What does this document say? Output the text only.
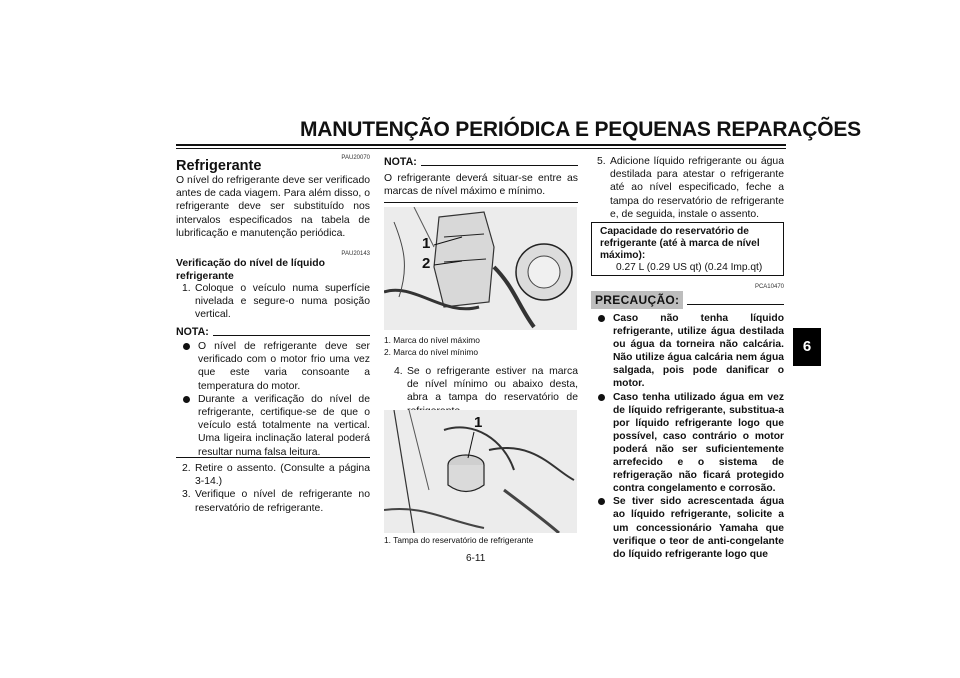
MANUTENÇÃO PERIÓDICA E PEQUENAS REPARAÇÕES
6
PAU20070
Refrigerante
O nível do refrigerante deve ser verificado antes de cada viagem. Para além disso, o refrigerante deve ser substituído nos intervalos especificados na tabela de lubrificação e manutenção periódica.
PAU20143
Verificação do nível de líquido refrigerante
1. Coloque o veículo numa superfície nivelada e segure-o numa posição vertical.
NOTA:
O nível de refrigerante deve ser verificado com o motor frio uma vez que este varia consoante a temperatura do motor.
Durante a verificação do nível de refrigerante, certifique-se de que o veículo está totalmente na vertical. Uma ligeira inclinação lateral poderá resultar numa falsa leitura.
2. Retire o assento. (Consulte a página 3-14.)
3. Verifique o nível de refrigerante no reservatório de refrigerante.
NOTA:
O refrigerante deverá situar-se entre as marcas de nível máximo e mínimo.
1
2
1. Marca do nível máximo
2. Marca do nível mínimo
4. Se o refrigerante estiver na marca de nível mínimo ou abaixo desta, abra a tampa do reservatório de
1
1. Tampa do reservatório de refrigerante
5. Adicione líquido refrigerante ou água destilada para atestar o refrigerante até ao nível especificado, feche a tampa do reservatório de refrigerante e, de seguida, instale o assento.
Capacidade do reservatório de refrigerante (até à marca de nível máximo):
0.27 L (0.29 US qt) (0.24 Imp.qt)
PCA10470
PRECAUÇÃO:
Caso não tenha líquido refrigerante, utilize água destilada ou água da torneira não calcária. Não utilize água calcária nem água salgada, pois pode danificar o motor.
Caso tenha utilizado água em vez de líquido refrigerante, substitua-a por líquido refrigerante logo que possível, caso contrário o motor poderá não ser suficientemente arrefecido e o sistema de refrigeração não ficará protegido contra congelamento e corrosão.
Se tiver sido acrescentada água ao líquido refrigerante, solicite a um concessionário Yamaha que verifique o teor de anti-congelante do líquido refrigerante logo que
6-11
